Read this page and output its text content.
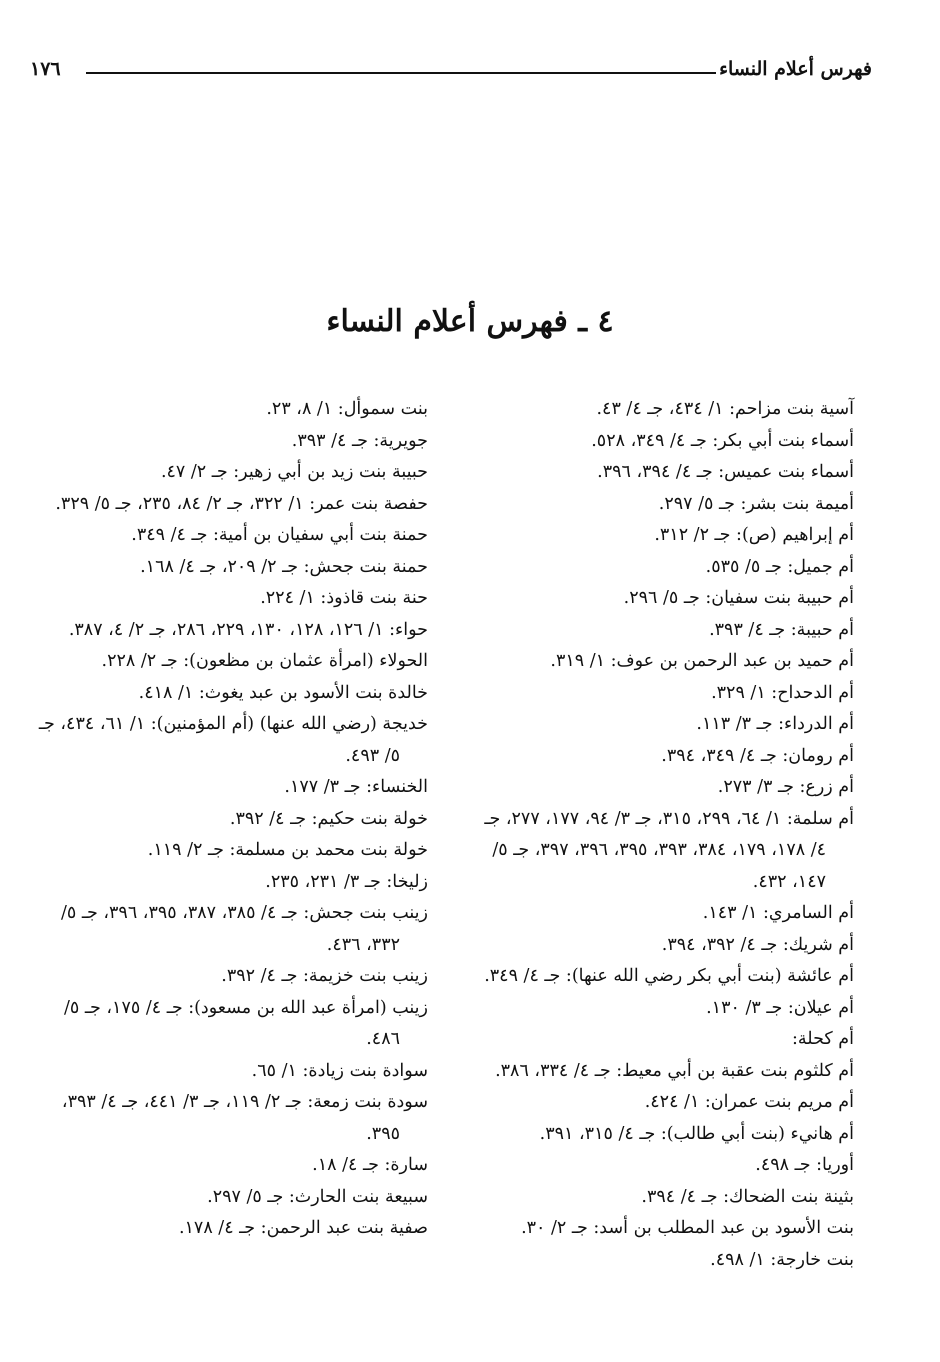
فهرس أعلام النساء
١٧٦
٤ ـ فهرس أعلام النساء

آسية بنت مزاحم: ١/ ٤٣٤، جـ ٤/ ٤٣.

أسماء بنت أبي بكر: جـ ٤/ ٣٤٩، ٥٢٨.

أسماء بنت عميس: جـ ٤/ ٣٩٤، ٣٩٦.

أميمة بنت بشر: جـ ٥/ ٢٩٧.

أم إبراهيم (ص): جـ ٢/ ٣١٢.

أم جميل: جـ ٥/ ٥٣٥.

أم حبيبة بنت سفيان: جـ ٥/ ٢٩٦.

أم حبيبة: جـ ٤/ ٣٩٣.

أم حميد بن عبد الرحمن بن عوف: ١/ ٣١٩.

أم الدحداح: ١/ ٣٢٩.

أم الدرداء: جـ ٣/ ١١٣.

أم رومان: جـ ٤/ ٣٤٩، ٣٩٤.

أم زرع: جـ ٣/ ٢٧٣.

أم سلمة: ١/ ٦٤، ٢٩٩، ٣١٥، جـ ٣/ ٩٤، ١٧٧، ٢٧٧، جـ ٤/ ١٧٨، ١٧٩، ٣٨٤، ٣٩٣، ٣٩٥، ٣٩٦، ٣٩٧، جـ ٥/ ١٤٧، ٤٣٢.

أم السامري: ١/ ١٤٣.

أم شريك: جـ ٤/ ٣٩٢، ٣٩٤.

أم عائشة (بنت أبي بكر رضي الله عنها): جـ ٤/ ٣٤٩.

أم عيلان: جـ ٣/ ١٣٠.

أم كحلة:

أم كلثوم بنت عقبة بن أبي معيط: جـ ٤/ ٣٣٤، ٣٨٦.

أم مريم بنت عمران: ١/ ٤٢٤.

أم هانيء (بنت أبي طالب): جـ ٤/ ٣١٥، ٣٩١.

أوريا: جـ ٤٩٨.

بثينة بنت الضحاك: جـ ٤/ ٣٩٤.

بنت الأسود بن عبد المطلب بن أسد: جـ ٢/ ٣٠.

بنت خارجة: ١/ ٤٩٨.

بنت سموأل: ١/ ٨، ٢٣.

جويرية: جـ ٤/ ٣٩٣.

حبيبة بنت زيد بن أبي زهير: جـ ٢/ ٤٧.

حفصة بنت عمر: ١/ ٣٢٢، جـ ٢/ ٨٤، ٢٣٥، جـ ٥/ ٣٢٩.

حمنة بنت أبي سفيان بن أمية: جـ ٤/ ٣٤٩.

حمنة بنت جحش: جـ ٢/ ٢٠٩، جـ ٤/ ١٦٨.

حنة بنت قاذوذ: ١/ ٢٢٤.

حواء: ١/ ١٢٦، ١٢٨، ١٣٠، ٢٢٩، ٢٨٦، جـ ٢/ ٤، ٣٨٧.

الحولاء (امرأة عثمان بن مظعون): جـ ٢/ ٢٢٨.

خالدة بنت الأسود بن عبد يغوث: ١/ ٤١٨.

خديجة (رضي الله عنها) (أم المؤمنين): ١/ ٦١، ٤٣٤، جـ ٥/ ٤٩٣.

الخنساء: جـ ٣/ ١٧٧.

خولة بنت حكيم: جـ ٤/ ٣٩٢.

خولة بنت محمد بن مسلمة: جـ ٢/ ١١٩.

زليخا: جـ ٣/ ٢٣١، ٢٣٥.

زينب بنت جحش: جـ ٤/ ٣٨٥، ٣٨٧، ٣٩٥، ٣٩٦، جـ ٥/ ٣٣٢، ٤٣٦.

زينب بنت خزيمة: جـ ٤/ ٣٩٢.

زينب (امرأة عبد الله بن مسعود): جـ ٤/ ١٧٥، جـ ٥/ ٤٨٦.

سوادة بنت زيادة: ١/ ٦٥.

سودة بنت زمعة: جـ ٢/ ١١٩، جـ ٣/ ٤٤١، جـ ٤/ ٣٩٣، ٣٩٥.

سارة: جـ ٤/ ١٨.

سبيعة بنت الحارث: جـ ٥/ ٢٩٧.

صفية بنت عبد الرحمن: جـ ٤/ ١٧٨.
